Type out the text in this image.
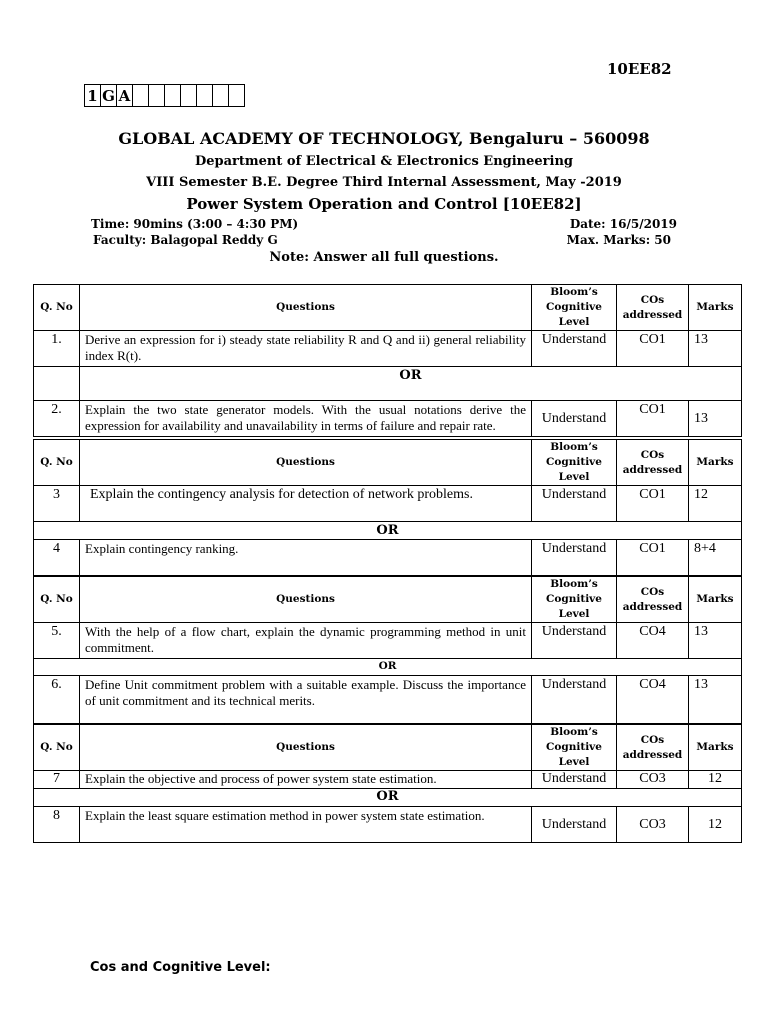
10EE82
1	G	A							
GLOBAL ACADEMY OF TECHNOLOGY, Bengaluru – 560098
Department of Electrical & Electronics Engineering
VIII Semester B.E. Degree Third Internal Assessment, May -2019
Power System Operation and Control [10EE82]
Time: 90mins (3:00 – 4:30 PM)	Date: 16/5/2019
Faculty: Balagopal Reddy G	Max. Marks: 50
Note: Answer all full questions.
Q. No	Questions	Bloom’s Cognitive Level	COs addressed	Marks
1.	Derive an expression for i) steady state reliability R and Q and ii) general reliability index R(t).	Understand	CO1	13
	OR			
2.	Explain the two state generator models. With the usual notations derive the expression for availability and unavailability in terms of failure and repair rate.	Understand	CO1	13
Q. No	Questions	Bloom’s Cognitive Level	COs addressed	Marks
3	Explain the contingency analysis for detection of network problems.	Understand	CO1	12
OR				
4	Explain contingency ranking.	Understand	CO1	8+4
Q. No	Questions	Bloom’s Cognitive Level	COs addressed	Marks
5.	With the help of a flow chart, explain the dynamic programming method in unit commitment.	Understand	CO4	13
OR				
6.	Define Unit commitment problem with a suitable example. Discuss the importance of unit commitment and its technical merits.	Understand	CO4	13
Q. No	Questions	Bloom’s Cognitive Level	COs addressed	Marks
7	Explain the objective and process of power system state estimation.	Understand	CO3	12
OR				
8	Explain the least square estimation method in power system state estimation.	Understand	CO3	12
Cos and Cognitive Level:
